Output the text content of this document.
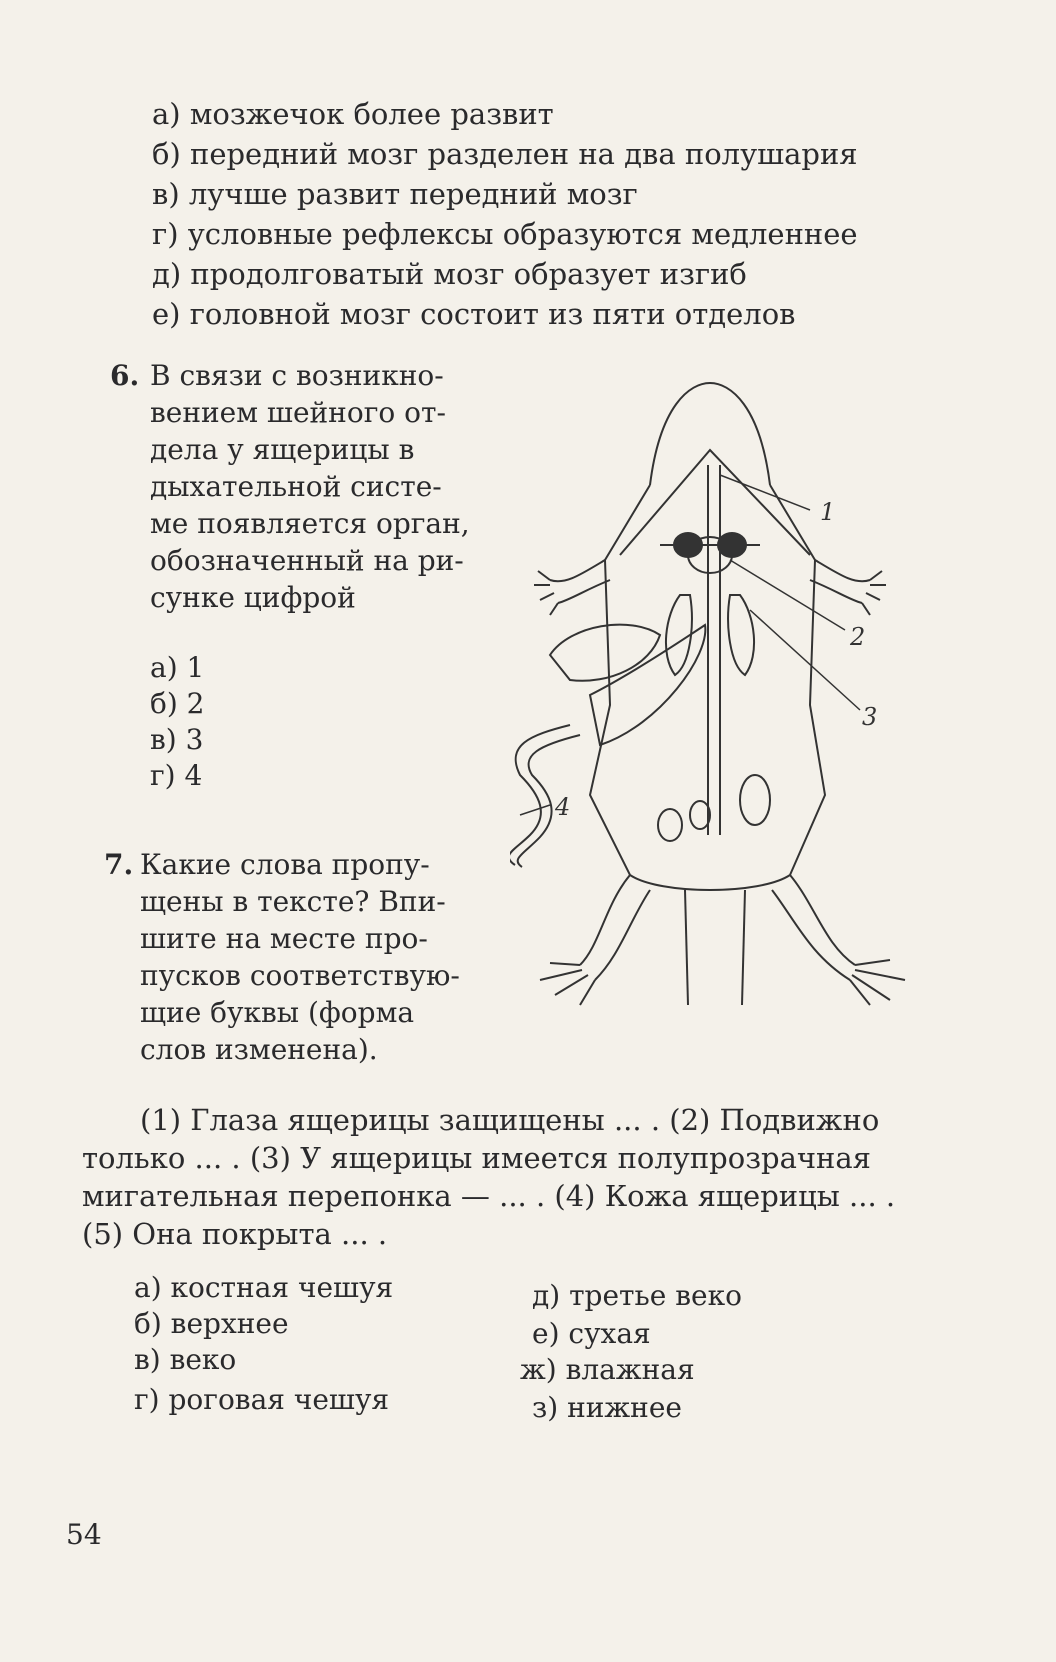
а) мозжечок более развит
б) передний мозг разделен на два полушария
в) лучше развит передний мозг
г) условные рефлексы образуются медленнее
д) продолговатый мозг образует изгиб
е) головной мозг состоит из пяти отделов
6. В связи с возникно-
вением шейного от-
дела у ящерицы в
дыхательной систе-
ме появляется орган,
обозначенный на ри-
сунке цифрой
а) 1
б) 2
в) 3
г) 4
1
2
3
4
7. Какие слова пропу-
щены в тексте? Впи-
шите на месте про-
пусков соответствую-
щие буквы (форма
слов изменена).
(1) Глаза ящерицы защищены ... . (2) Подвижно
только ... . (3) У ящерицы имеется полупрозрачная
мигательная перепонка — ... . (4) Кожа ящерицы ... .
(5) Она покрыта ... .
а) костная чешуя
б) верхнее
в) веко
г) роговая чешуя
д) третье веко
е) сухая
ж) влажная
з) нижнее
54
